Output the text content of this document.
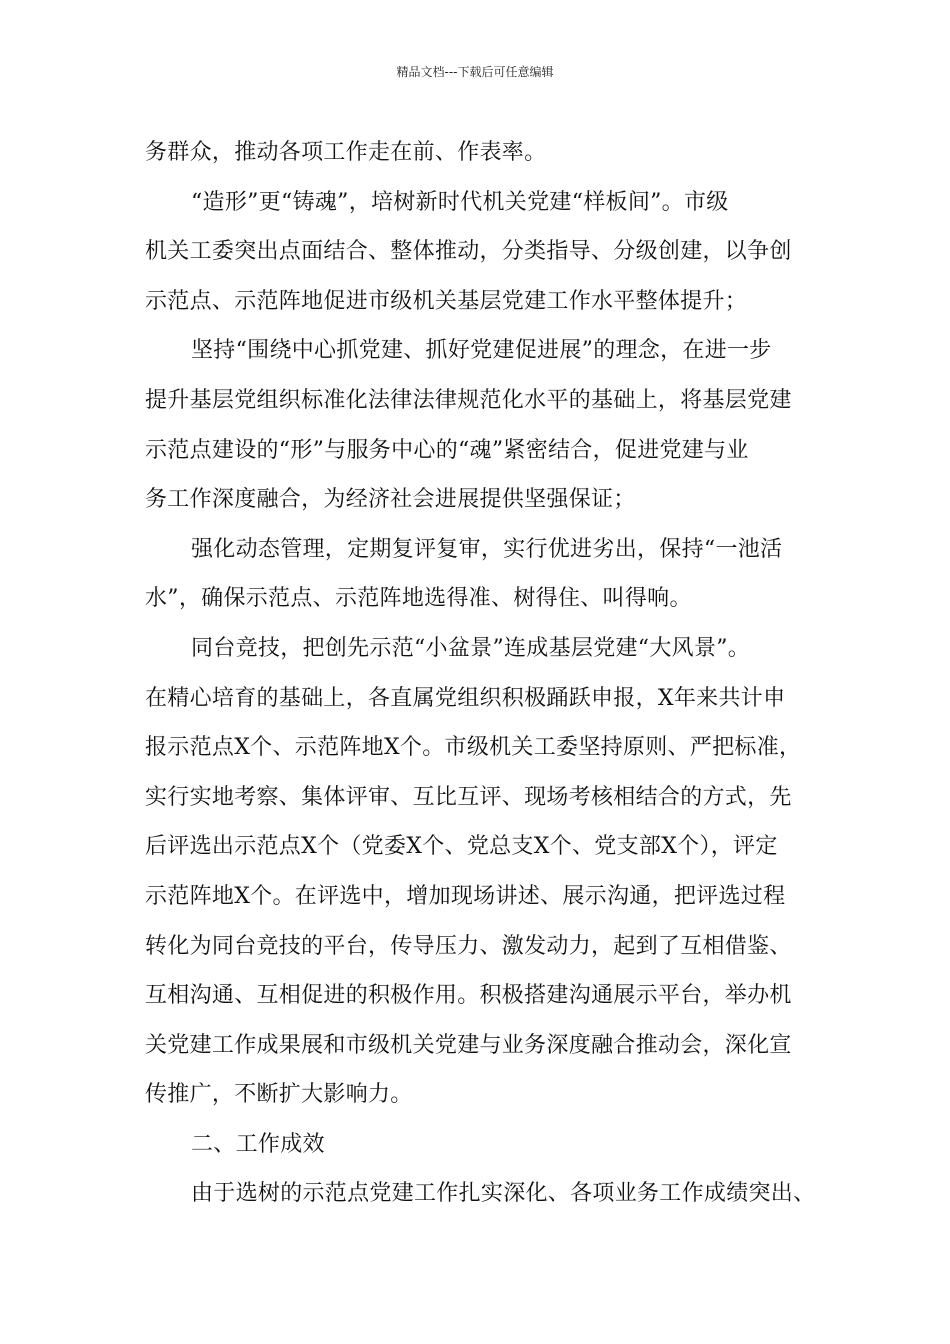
精品文档---下载后可任意编辑
务群众，推动各项工作走在前、作表率。
“造形”更“铸魂”，培树新时代机关党建“样板间”。市级
机关工委突出点面结合、整体推动，分类指导、分级创建，以争创
示范点、示范阵地促进市级机关基层党建工作水平整体提升；
坚持“围绕中心抓党建、抓好党建促进展”的理念，在进一步
提升基层党组织标准化法律法律规范化水平的基础上，将基层党建
示范点建设的“形”与服务中心的“魂”紧密结合，促进党建与业
务工作深度融合，为经济社会进展提供坚强保证；
强化动态管理，定期复评复审，实行优进劣出，保持“一池活
水”，确保示范点、示范阵地选得准、树得住、叫得响。
同台竞技，把创先示范“小盆景”连成基层党建“大风景”。
在精心培育的基础上，各直属党组织积极踊跃申报，X年来共计申
报示范点X个、示范阵地X个。市级机关工委坚持原则、严把标准，
实行实地考察、集体评审、互比互评、现场考核相结合的方式，先
后评选出示范点X个（党委X个、党总支X个、党支部X个），评定
示范阵地X个。在评选中，增加现场讲述、展示沟通，把评选过程
转化为同台竞技的平台，传导压力、激发动力，起到了互相借鉴、
互相沟通、互相促进的积极作用。积极搭建沟通展示平台，举办机
关党建工作成果展和市级机关党建与业务深度融合推动会，深化宣
传推广，不断扩大影响力。
二、工作成效
由于选树的示范点党建工作扎实深化、各项业务工作成绩突出、
